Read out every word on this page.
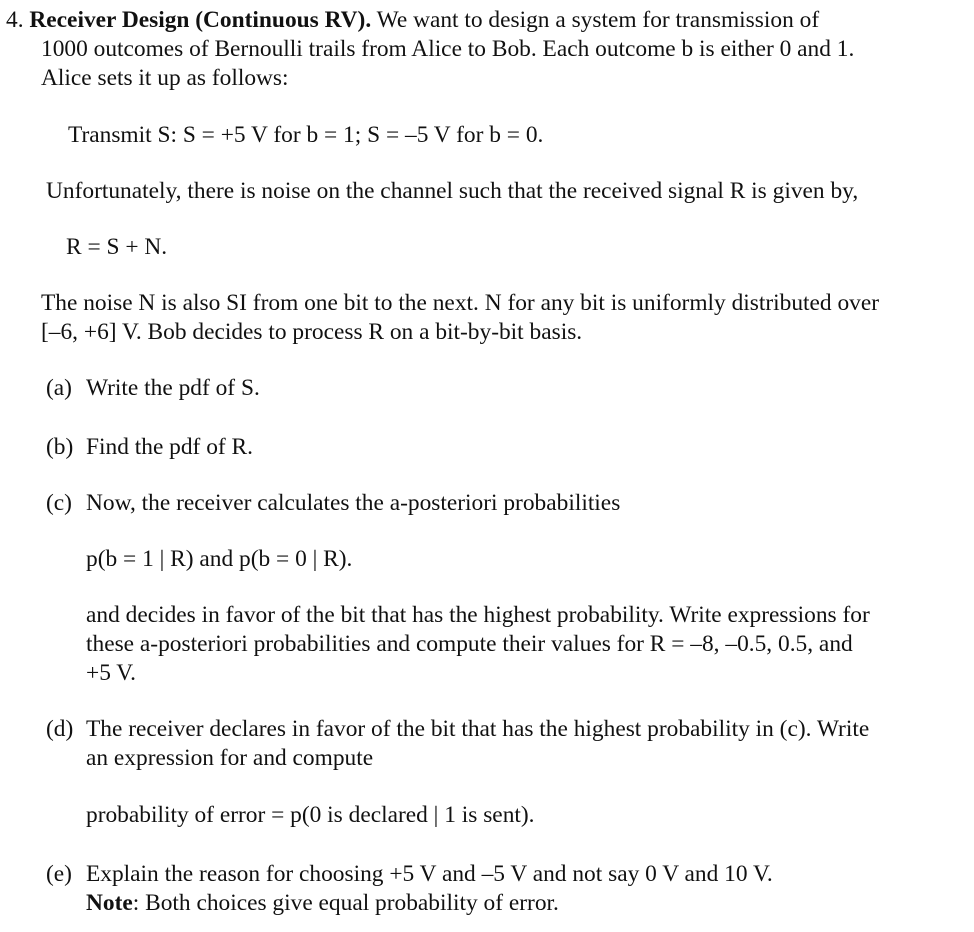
4. Receiver Design (Continuous RV). We want to design a system for transmission of
1000 outcomes of Bernoulli trails from Alice to Bob. Each outcome b is either 0 and 1.
Alice sets it up as follows:
Transmit S: S = +5 V for b = 1; S = –5 V for b = 0.
Unfortunately, there is noise on the channel such that the received signal R is given by,
R = S + N.
The noise N is also SI from one bit to the next. N for any bit is uniformly distributed over
[–6, +6] V. Bob decides to process R on a bit-by-bit basis.
(a) Write the pdf of S.
(b) Find the pdf of R.
(c) Now, the receiver calculates the a-posteriori probabilities
p(b = 1 | R) and p(b = 0 | R).
and decides in favor of the bit that has the highest probability. Write expressions for
these a-posteriori probabilities and compute their values for R = –8, –0.5, 0.5, and
+5 V.
(d) The receiver declares in favor of the bit that has the highest probability in (c). Write
an expression for and compute
probability of error = p(0 is declared | 1 is sent).
(e) Explain the reason for choosing +5 V and –5 V and not say 0 V and 10 V.
Note: Both choices give equal probability of error.
